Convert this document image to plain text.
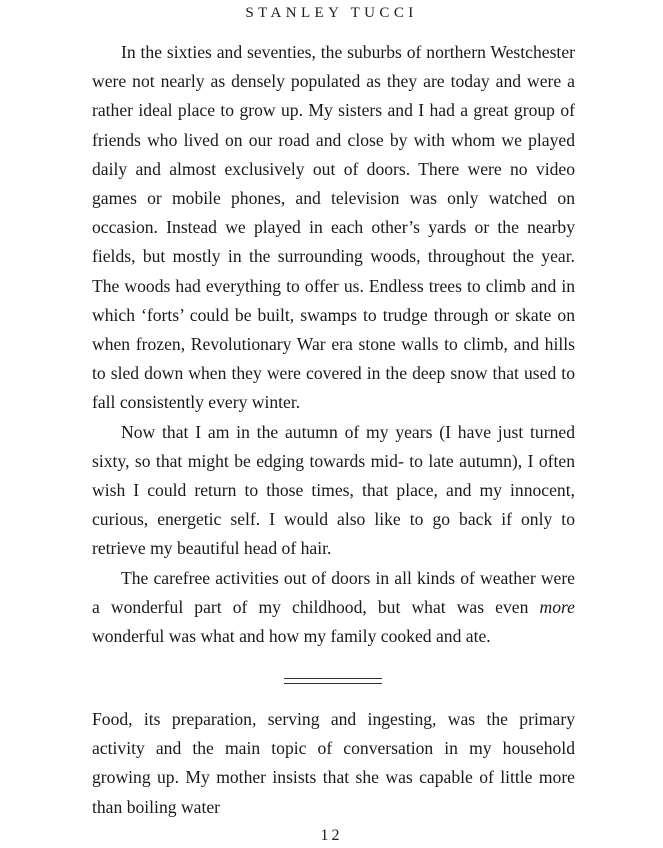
STANLEY TUCCI

In the sixties and seventies, the suburbs of northern Westchester were not nearly as densely populated as they are today and were a rather ideal place to grow up. My sisters and I had a great group of friends who lived on our road and close by with whom we played daily and almost exclusively out of doors. There were no video games or mobile phones, and television was only watched on occasion. Instead we played in each other’s yards or the nearby fields, but mostly in the surrounding woods, throughout the year. The woods had everything to offer us. Endless trees to climb and in which ‘forts’ could be built, swamps to trudge through or skate on when frozen, Revolutionary War era stone walls to climb, and hills to sled down when they were covered in the deep snow that used to fall consistently every winter.

Now that I am in the autumn of my years (I have just turned sixty, so that might be edging towards mid- to late autumn), I often wish I could return to those times, that place, and my innocent, curious, energetic self. I would also like to go back if only to retrieve my beautiful head of hair.

The carefree activities out of doors in all kinds of weather were a wonderful part of my childhood, but what was even more wonderful was what and how my family cooked and ate.

Food, its preparation, serving and ingesting, was the primary activity and the main topic of conversation in my household growing up. My mother insists that she was capable of little more than boiling water

12
